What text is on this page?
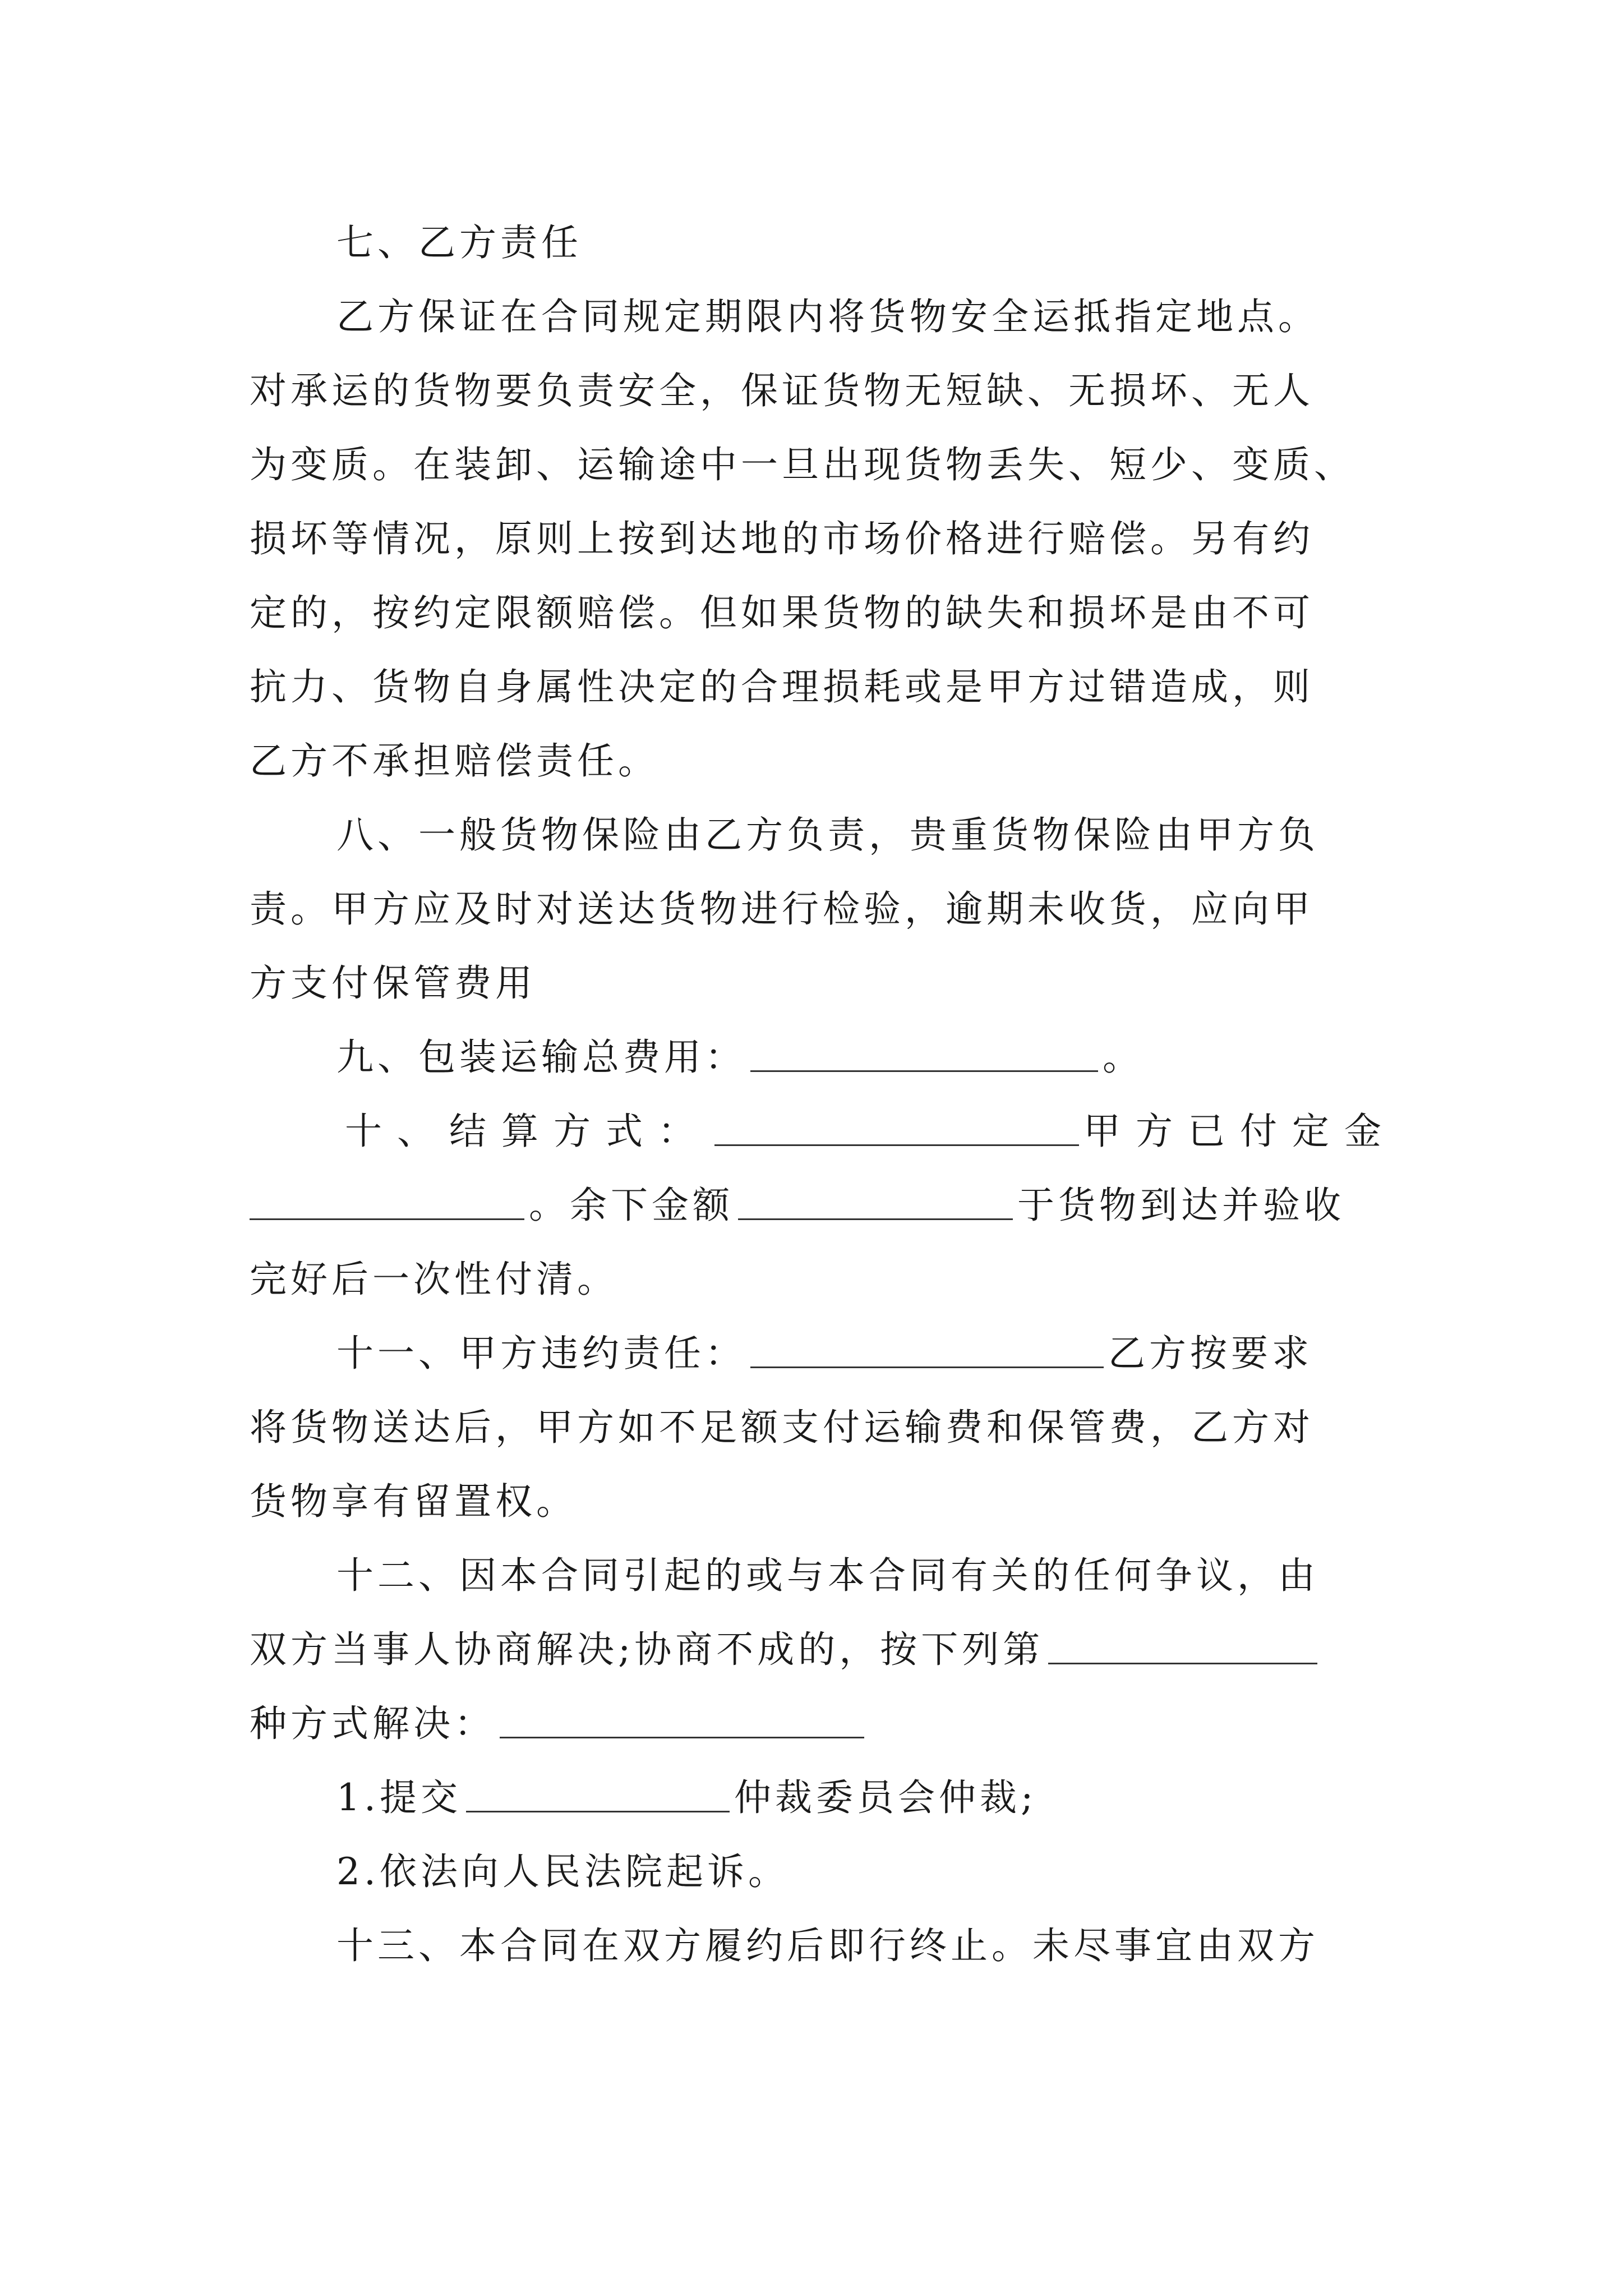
七、乙方责任
乙方保证在合同规定期限内将货物安全运抵指定地点。
对承运的货物要负责安全，保证货物无短缺、无损坏、无人
为变质。在装卸、运输途中一旦出现货物丢失、短少、变质、
损坏等情况，原则上按到达地的市场价格进行赔偿。另有约
定的，按约定限额赔偿。但如果货物的缺失和损坏是由不可
抗力、货物自身属性决定的合理损耗或是甲方过错造成，则
乙方不承担赔偿责任。
八、一般货物保险由乙方负责，贵重货物保险由甲方负
责。甲方应及时对送达货物进行检验，逾期未收货，应向甲
方支付保管费用
九、包装运输总费用：	。
十、结算方式：	甲方已付定金
。余下金额	于货物到达并验收
完好后一次性付清。
十一、甲方违约责任：	乙方按要求
将货物送达后，甲方如不足额支付运输费和保管费，乙方对
货物享有留置权。
十二、因本合同引起的或与本合同有关的任何争议，由
双方当事人协商解决;协商不成的，按下列第
种方式解决：
1.提交	仲裁委员会仲裁;
2.依法向人民法院起诉。
十三、本合同在双方履约后即行终止。未尽事宜由双方
